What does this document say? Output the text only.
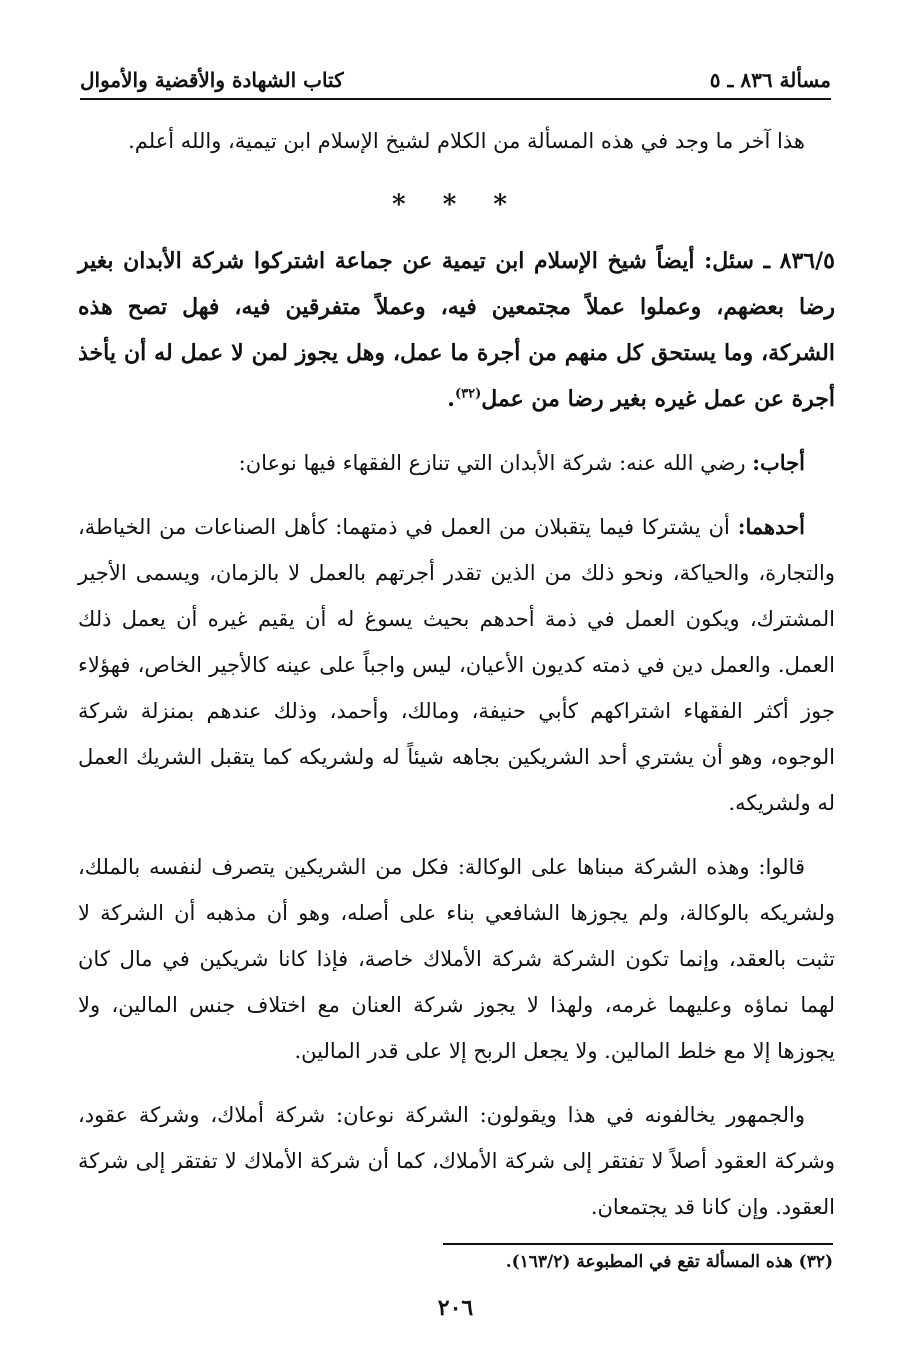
مسألة ٨٣٦ ـ ٥
كتاب الشهادة والأقضية والأموال

هذا آخر ما وجد في هذه المسألة من الكلام لشيخ الإسلام ابن تيمية، والله أعلم.

* * *

٨٣٦/٥ ـ سئل: أيضاً شيخ الإسلام ابن تيمية عن جماعة اشتركوا شركة الأبدان بغير رضا بعضهم، وعملوا عملاً مجتمعين فيه، وعملاً متفرقين فيه، فهل تصح هذه الشركة، وما يستحق كل منهم من أجرة ما عمل، وهل يجوز لمن لا عمل له أن يأخذ أجرة عن عمل غيره بغير رضا من عمل$^{(٣٢)}$.

أجاب: رضي الله عنه: شركة الأبدان التي تنازع الفقهاء فيها نوعان:

أحدهما: أن يشتركا فيما يتقبلان من العمل في ذمتهما: كأهل الصناعات من الخياطة، والتجارة، والحياكة، ونحو ذلك من الذين تقدر أجرتهم بالعمل لا بالزمان، ويسمى الأجير المشترك، ويكون العمل في ذمة أحدهم بحيث يسوغ له أن يقيم غيره أن يعمل ذلك العمل. والعمل دين في ذمته كديون الأعيان، ليس واجباً على عينه كالأجير الخاص، فهؤلاء جوز أكثر الفقهاء اشتراكهم كأبي حنيفة، ومالك، وأحمد، وذلك عندهم بمنزلة شركة الوجوه، وهو أن يشتري أحد الشريكين بجاهه شيئاً له ولشريكه كما يتقبل الشريك العمل له ولشريكه.

قالوا: وهذه الشركة مبناها على الوكالة: فكل من الشريكين يتصرف لنفسه بالملك، ولشريكه بالوكالة، ولم يجوزها الشافعي بناء على أصله، وهو أن مذهبه أن الشركة لا تثبت بالعقد، وإنما تكون الشركة شركة الأملاك خاصة، فإذا كانا شريكين في مال كان لهما نماؤه وعليهما غرمه، ولهذا لا يجوز شركة العنان مع اختلاف جنس المالين، ولا يجوزها إلا مع خلط المالين. ولا يجعل الربح إلا على قدر المالين.

والجمهور يخالفونه في هذا ويقولون: الشركة نوعان: شركة أملاك، وشركة عقود، وشركة العقود أصلاً لا تفتقر إلى شركة الأملاك، كما أن شركة الأملاك لا تفتقر إلى شركة العقود. وإن كانا قد يجتمعان.

(٣٢) هذه المسألة تقع في المطبوعة (١٦٣/٢).
٢٠٦
